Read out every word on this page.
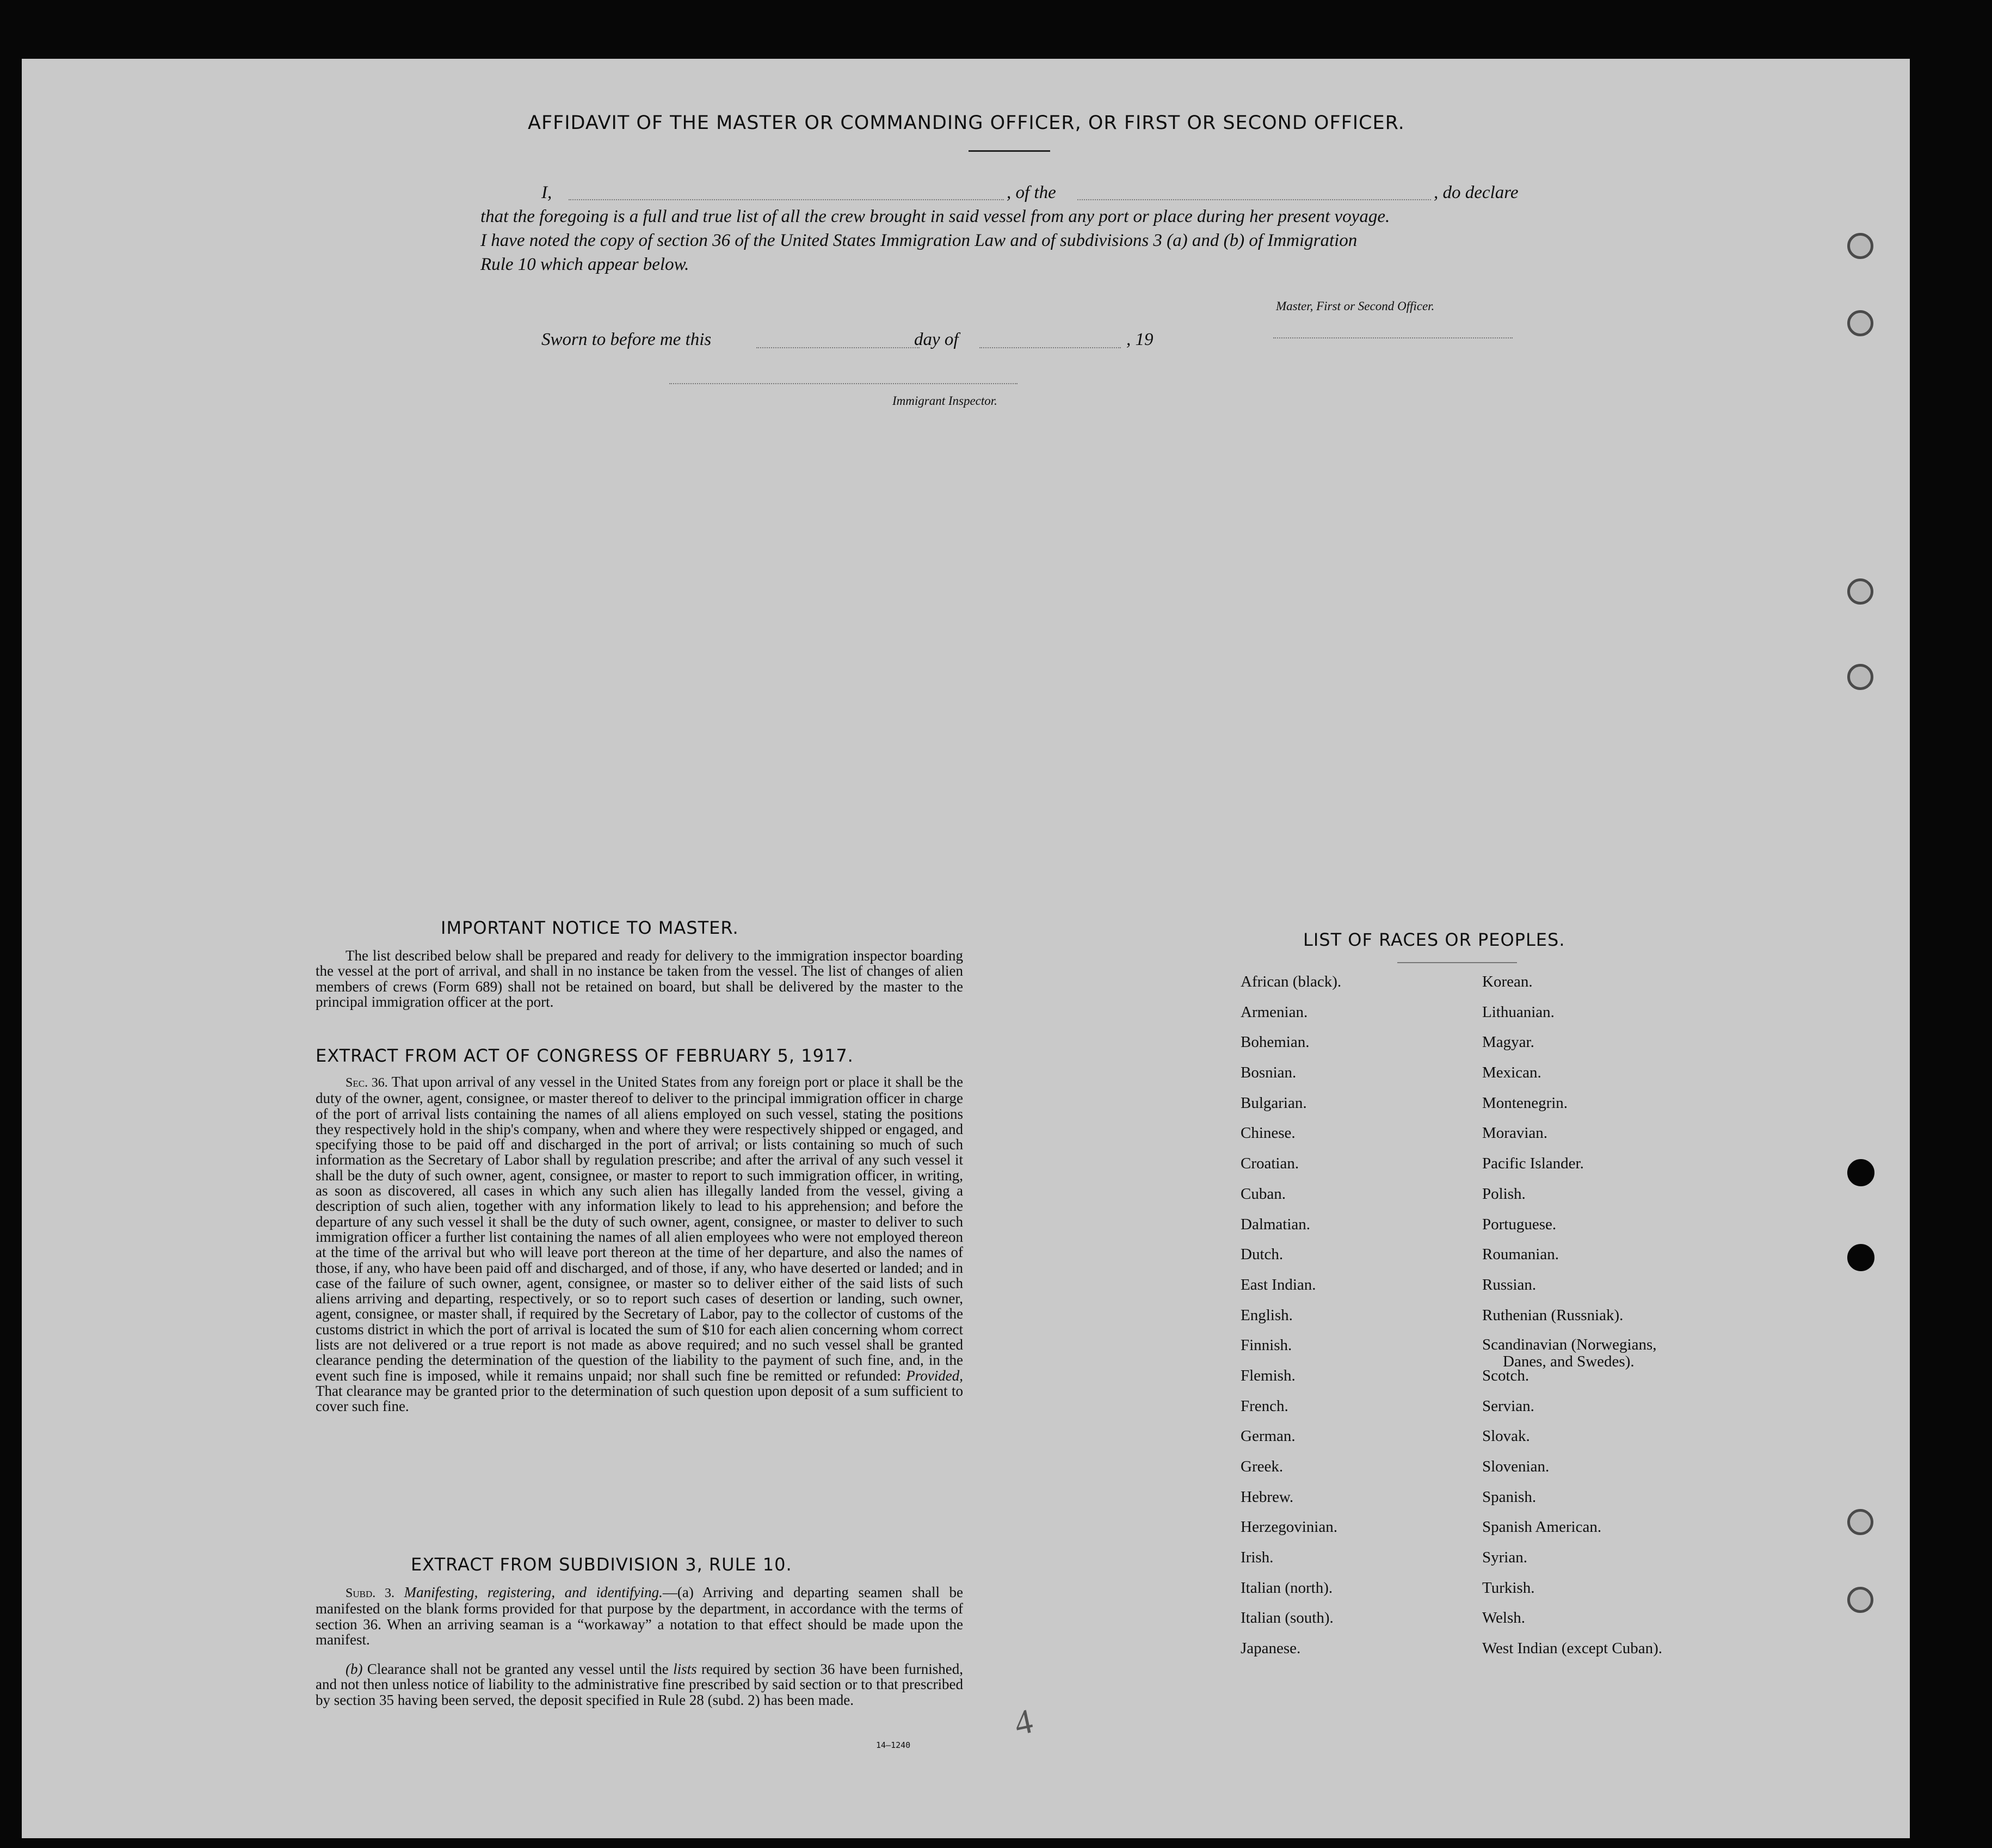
AFFIDAVIT OF THE MASTER OR COMMANDING OFFICER, OR FIRST OR SECOND OFFICER.
I,	, of the	, do declare
that the foregoing is a full and true list of all the crew brought in said vessel from any port or place during her present voyage.
I have noted the copy of section 36 of the United States Immigration Law and of subdivisions 3 (a) and (b) of Immigration
Rule 10 which appear below.
Master, First or Second Officer.
Sworn to before me this	day of	, 19
Immigrant Inspector.
IMPORTANT NOTICE TO MASTER.

The list described below shall be prepared and ready for delivery to the immigration inspector boarding the vessel at the port of arrival, and shall in no instance be taken from the vessel. The list of changes of alien members of crews (Form 689) shall not be retained on board, but shall be delivered by the master to the principal immigration officer at the port.

EXTRACT FROM ACT OF CONGRESS OF FEBRUARY 5, 1917.

Sec. 36. That upon arrival of any vessel in the United States from any foreign port or place it shall be the duty of the owner, agent, consignee, or master thereof to deliver to the principal immigration officer in charge of the port of arrival lists containing the names of all aliens employed on such vessel, stating the positions they respectively hold in the ship's company, when and where they were respectively shipped or engaged, and specifying those to be paid off and discharged in the port of arrival; or lists containing so much of such information as the Secretary of Labor shall by regulation prescribe; and after the arrival of any such vessel it shall be the duty of such owner, agent, consignee, or master to report to such immigration officer, in writing, as soon as discovered, all cases in which any such alien has illegally landed from the vessel, giving a description of such alien, together with any information likely to lead to his apprehension; and before the departure of any such vessel it shall be the duty of such owner, agent, consignee, or master to deliver to such immigration officer a further list containing the names of all alien employees who were not employed thereon at the time of the arrival but who will leave port thereon at the time of her departure, and also the names of those, if any, who have been paid off and discharged, and of those, if any, who have deserted or landed; and in case of the failure of such owner, agent, consignee, or master so to deliver either of the said lists of such aliens arriving and departing, respectively, or so to report such cases of desertion or landing, such owner, agent, consignee, or master shall, if required by the Secretary of Labor, pay to the collector of customs of the customs district in which the port of arrival is located the sum of $10 for each alien concerning whom correct lists are not delivered or a true report is not made as above required; and no such vessel shall be granted clearance pending the determination of the question of the liability to the payment of such fine, and, in the event such fine is imposed, while it remains unpaid; nor shall such fine be remitted or refunded: Provided, That clearance may be granted prior to the determination of such question upon deposit of a sum sufficient to cover such fine.

EXTRACT FROM SUBDIVISION 3, RULE 10.

Subd. 3. Manifesting, registering, and identifying.—(a) Arriving and departing seamen shall be manifested on the blank forms provided for that purpose by the department, in accordance with the terms of section 36. When an arriving seaman is a “workaway” a notation to that effect should be made upon the manifest.

(b) Clearance shall not be granted any vessel until the lists required by section 36 have been furnished, and not then unless notice of liability to the administrative fine prescribed by said section or to that prescribed by section 35 having been served, the deposit specified in Rule 28 (subd. 2) has been made.

14—1240
LIST OF RACES OR PEOPLES.
African (black).
Armenian.
Bohemian.
Bosnian.
Bulgarian.
Chinese.
Croatian.
Cuban.
Dalmatian.
Dutch.
East Indian.
English.
Finnish.
Flemish.
French.
German.
Greek.
Hebrew.
Herzegovinian.
Irish.
Italian (north).
Italian (south).
Japanese.
Korean.
Lithuanian.
Magyar.
Mexican.
Montenegrin.
Moravian.
Pacific Islander.
Polish.
Portuguese.
Roumanian.
Russian.
Ruthenian (Russniak).
Scandinavian (Norwegians,
Danes, and Swedes).
Scotch.
Servian.
Slovak.
Slovenian.
Spanish.
Spanish American.
Syrian.
Turkish.
Welsh.
West Indian (except Cuban).
4
